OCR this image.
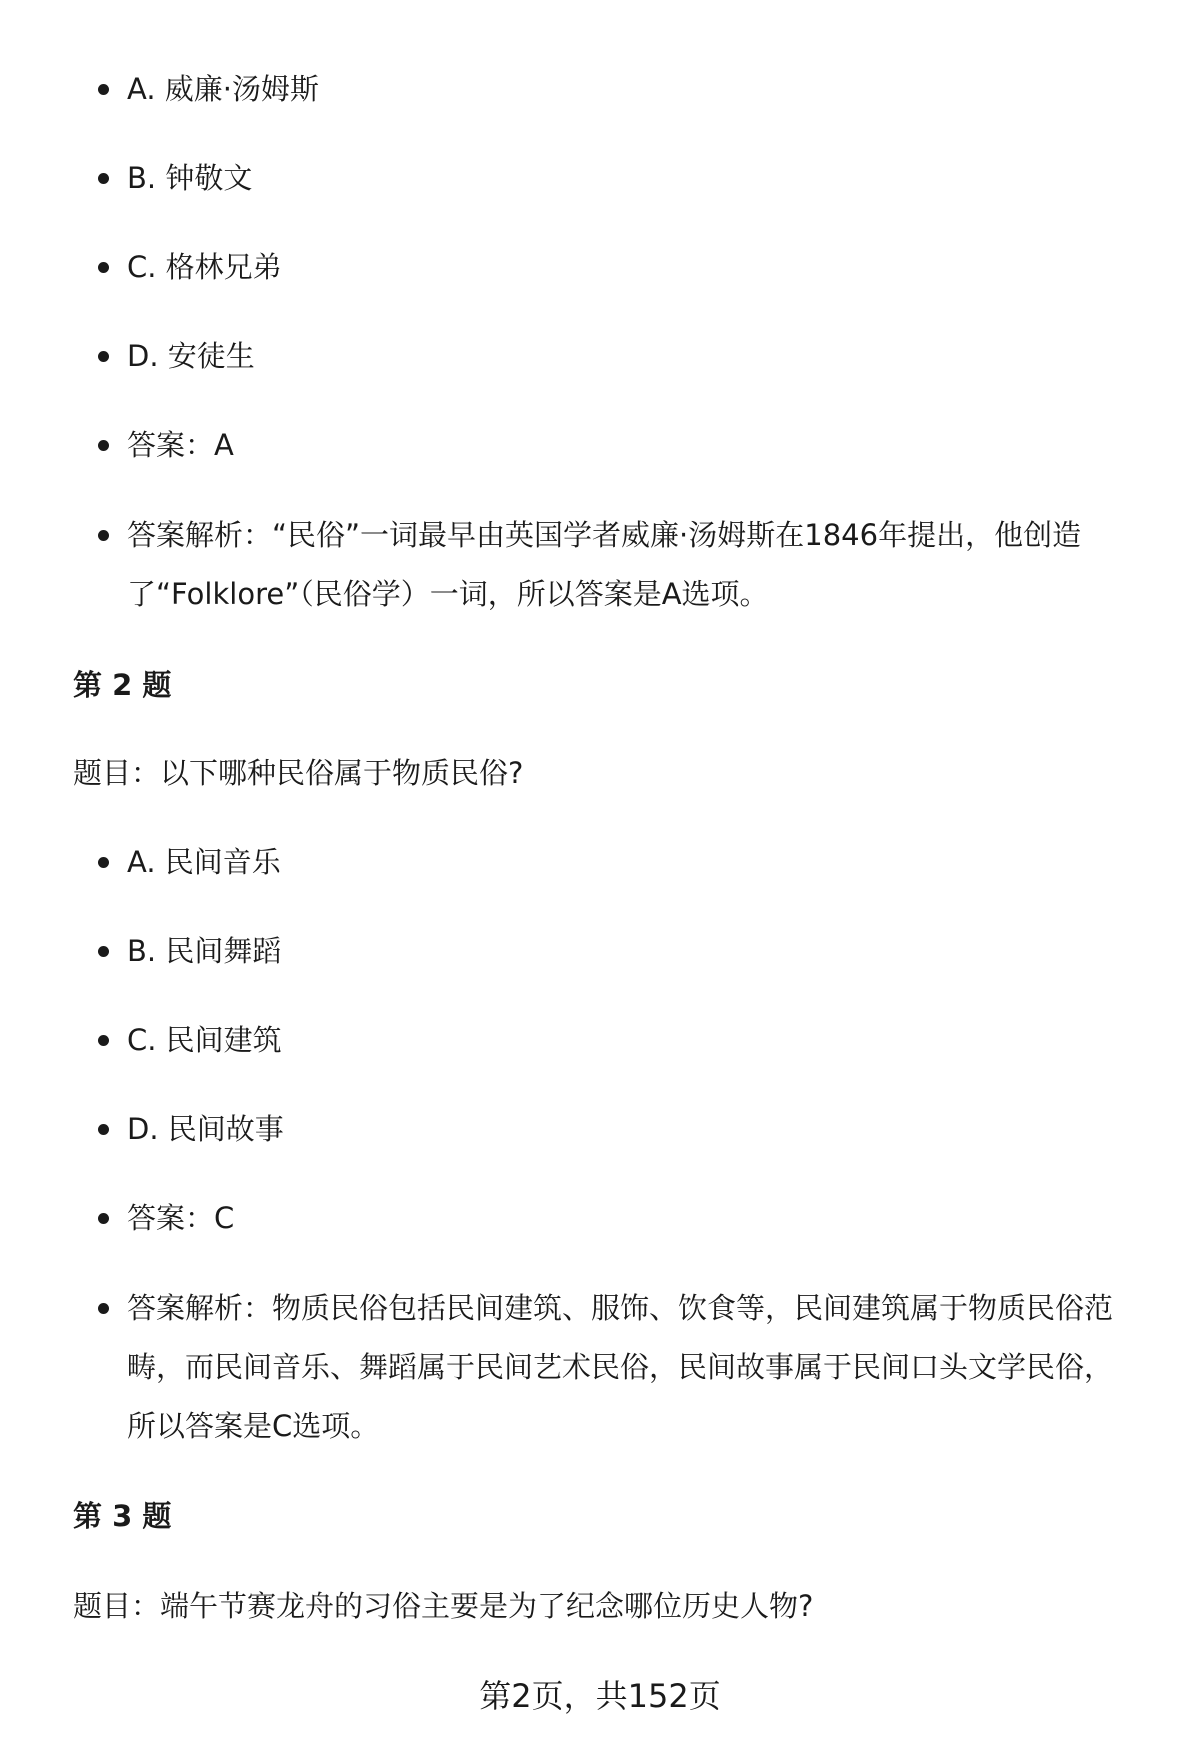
A. 威廉·汤姆斯
B. 钟敬文
C. 格林兄弟
D. 安徒生
答案：A
答案解析：“民俗”一词最早由英国学者威廉·汤姆斯在1846年提出，他创造了“Folklore”（民俗学）一词，所以答案是A选项。
第 2 题
题目：以下哪种民俗属于物质民俗?
A. 民间音乐
B. 民间舞蹈
C. 民间建筑
D. 民间故事
答案：C
答案解析：物质民俗包括民间建筑、服饰、饮食等，民间建筑属于物质民俗范畴，而民间音乐、舞蹈属于民间艺术民俗，民间故事属于民间口头文学民俗，所以答案是C选项。
第 3 题
题目：端午节赛龙舟的习俗主要是为了纪念哪位历史人物?
第2页，共152页
